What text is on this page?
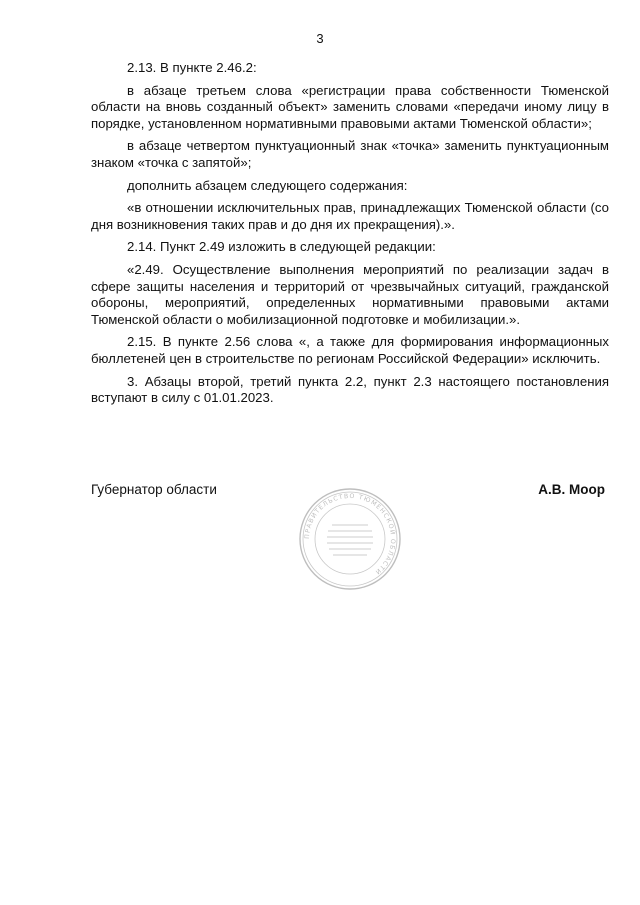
3

2.13. В пункте 2.46.2:

в абзаце третьем слова «регистрации права собственности Тюменской области на вновь созданный объект» заменить словами «передачи иному лицу в порядке, установленном нормативными правовыми актами Тюменской области»;

в абзаце четвертом пунктуационный знак «точка» заменить пунктуационным знаком «точка с запятой»;

дополнить абзацем следующего содержания:

«в отношении исключительных прав, принадлежащих Тюменской области (со дня возникновения таких прав и до дня их прекращения).».

2.14. Пункт 2.49 изложить в следующей редакции:

«2.49. Осуществление выполнения мероприятий по реализации задач в сфере защиты населения и территорий от чрезвычайных ситуаций, гражданской обороны, мероприятий, определенных нормативными правовыми актами Тюменской области о мобилизационной подготовке и мобилизации.».

2.15. В пункте 2.56 слова «, а также для формирования информационных бюллетеней цен в строительстве по регионам Российской Федерации» исключить.

3. Абзацы второй, третий пункта 2.2, пункт 2.3 настоящего постановления вступают в силу с 01.01.2023.

Губернатор области	А.В. Моор
ПРАВИТЕЛЬСТВО ТЮМЕНСКОЙ ОБЛАСТИ
